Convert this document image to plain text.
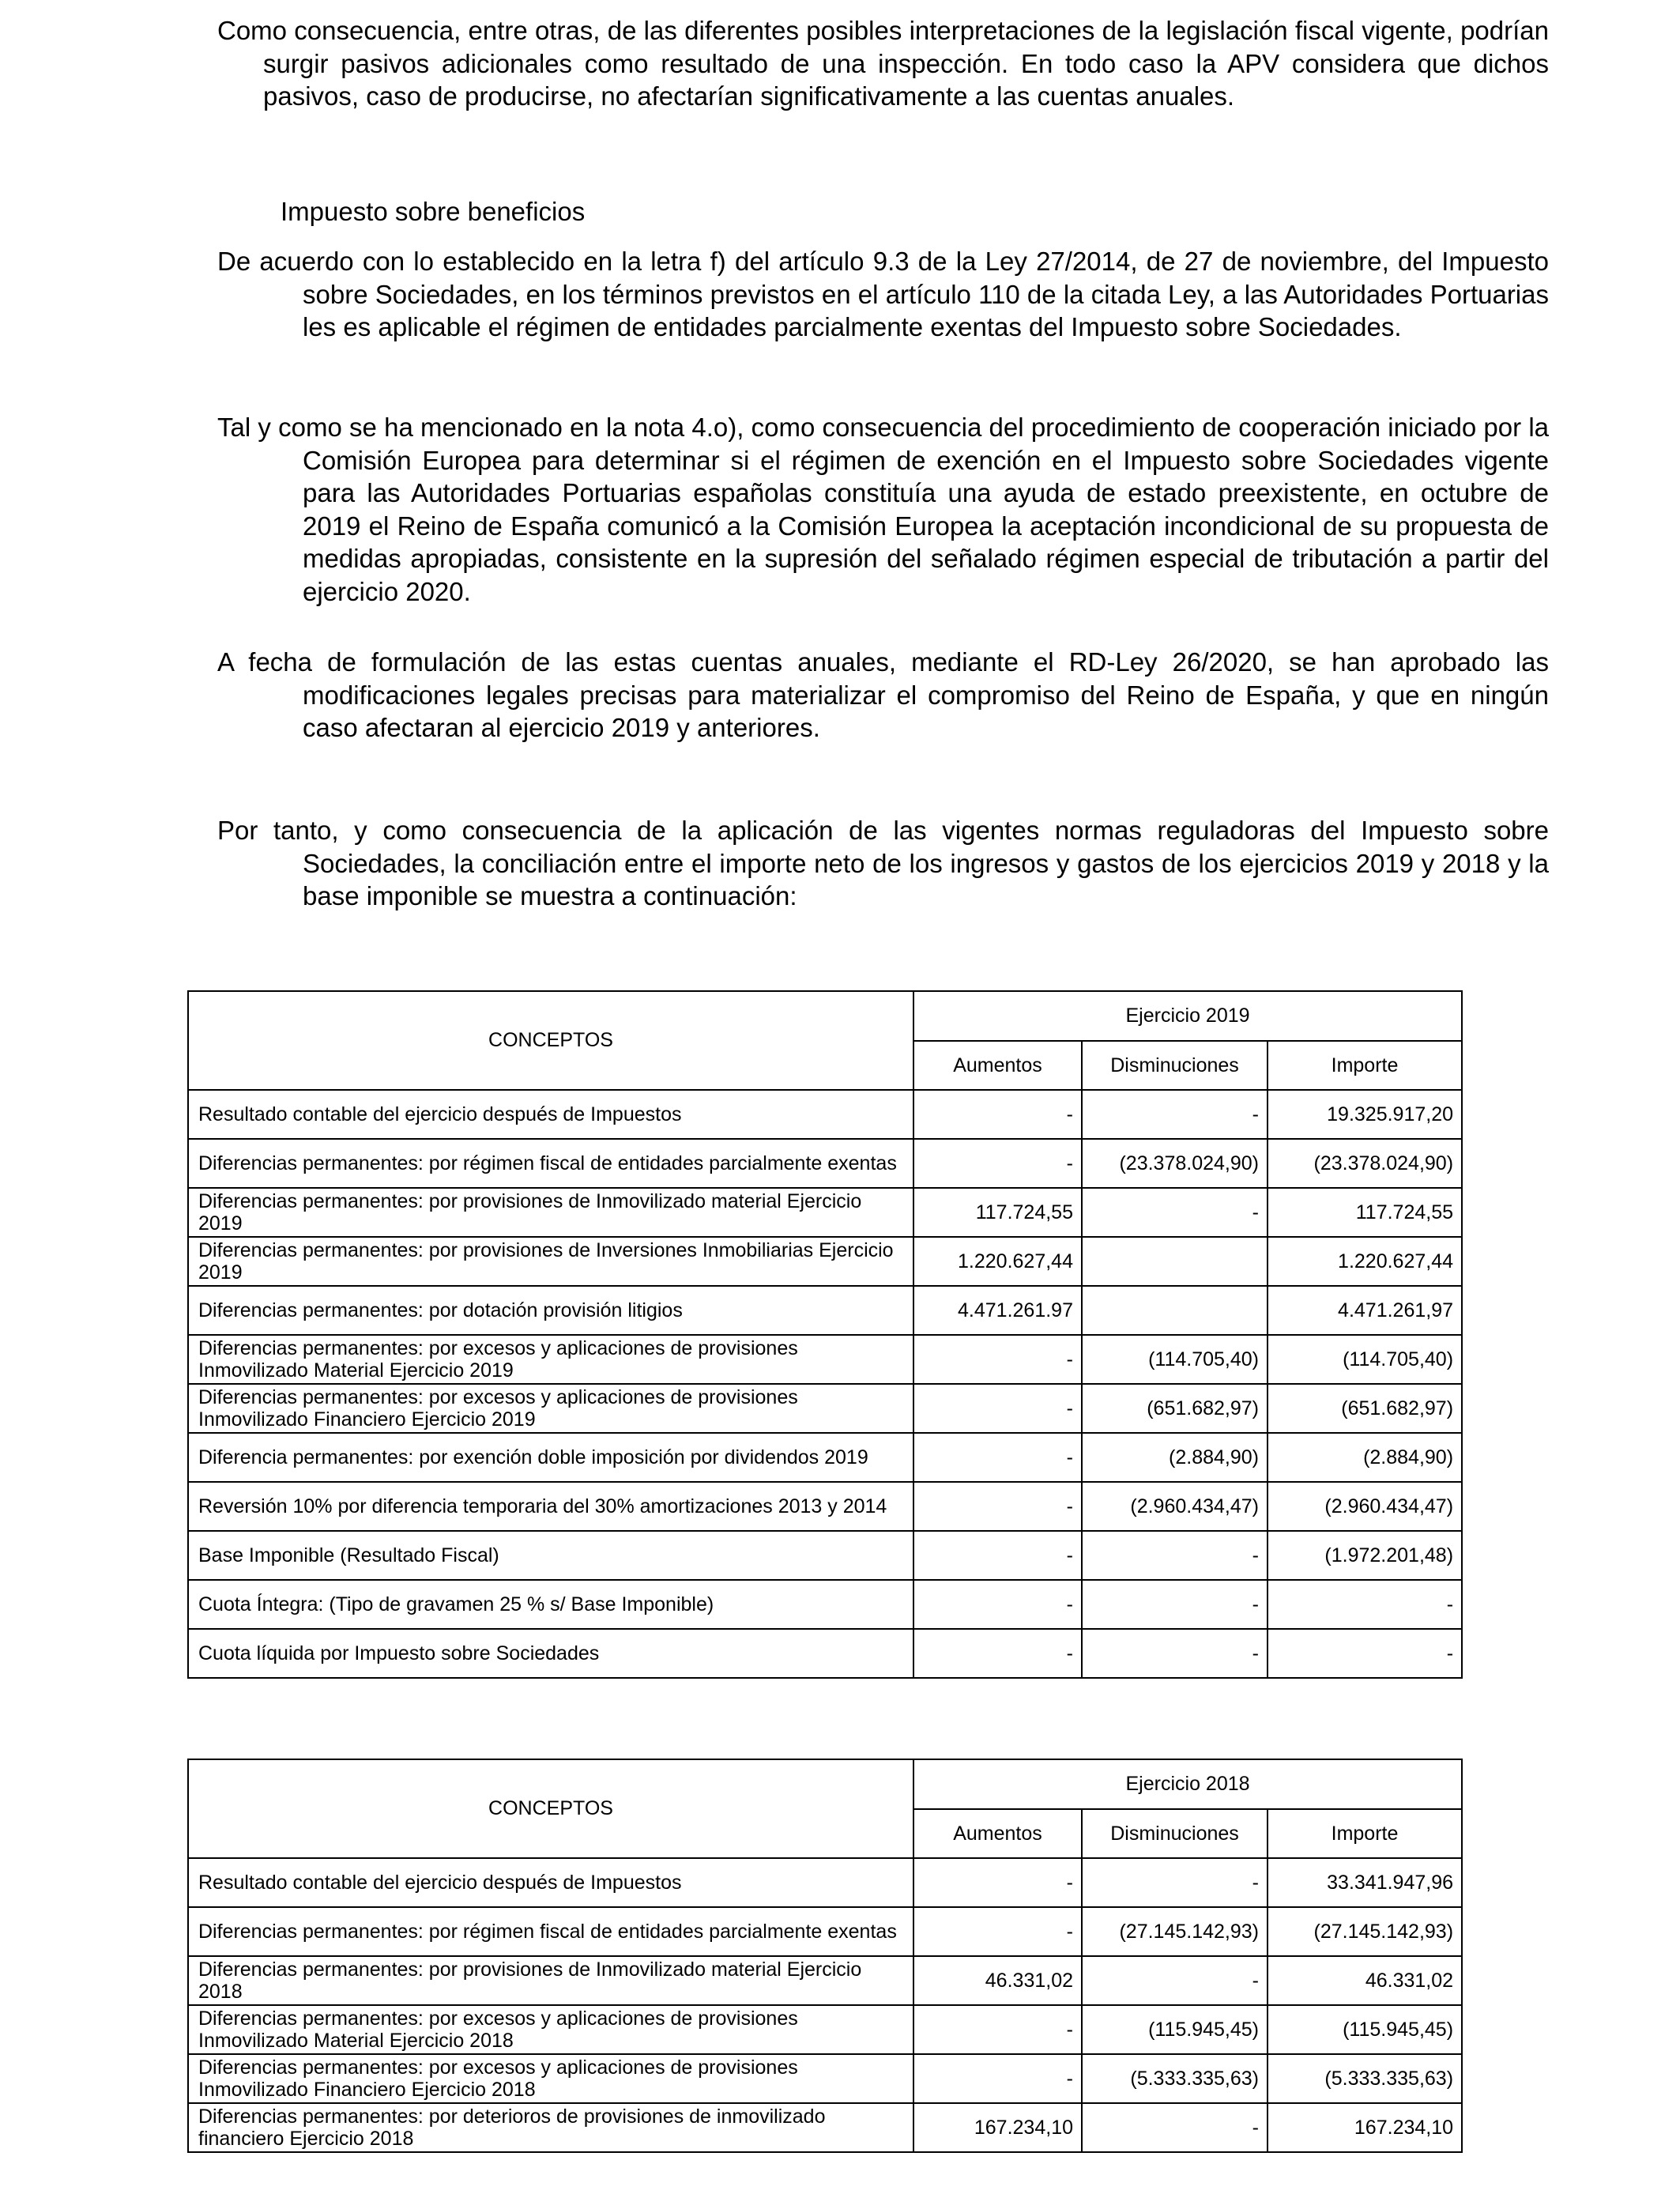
Como consecuencia, entre otras, de las diferentes posibles interpretaciones de la legislación fiscal vigente, podrían surgir pasivos adicionales como resultado de una inspección. En todo caso la APV considera que dichos pasivos, caso de producirse, no afectarían significativamente a las cuentas anuales.

Impuesto sobre beneficios

De acuerdo con lo establecido en la letra f) del artículo 9.3 de la Ley 27/2014, de 27 de noviembre, del Impuesto sobre Sociedades, en los términos previstos en el artículo 110 de la citada Ley, a las Autoridades Portuarias les es aplicable el régimen de entidades parcialmente exentas del Impuesto sobre Sociedades.

Tal y como se ha mencionado en la nota 4.o), como consecuencia del procedimiento de cooperación iniciado por la Comisión Europea para determinar si el régimen de exención en el Impuesto sobre Sociedades vigente para las Autoridades Portuarias españolas constituía una ayuda de estado preexistente, en octubre de 2019 el Reino de España comunicó a la Comisión Europea la aceptación incondicional de su propuesta de medidas apropiadas, consistente en la supresión del señalado régimen especial de tributación a partir del ejercicio 2020.

A fecha de formulación de las estas cuentas anuales, mediante el RD-Ley 26/2020, se han aprobado las modificaciones legales precisas para materializar el compromiso del Reino de España, y que en ningún caso afectaran al ejercicio 2019 y anteriores.

Por tanto, y como consecuencia de la aplicación de las vigentes normas reguladoras del Impuesto sobre Sociedades, la conciliación entre el importe neto de los ingresos y gastos de los ejercicios 2019 y 2018 y la base imponible se muestra a continuación:

CONCEPTOS	Ejercicio 2019		
	Aumentos	Disminuciones	Importe
Resultado contable del ejercicio después de Impuestos	-	-	19.325.917,20
Diferencias permanentes: por régimen fiscal de entidades parcialmente exentas	-	(23.378.024,90)	(23.378.024,90)
Diferencias permanentes: por provisiones de Inmovilizado material Ejercicio 2019	117.724,55	-	117.724,55
Diferencias permanentes: por provisiones de Inversiones Inmobiliarias Ejercicio 2019	1.220.627,44		1.220.627,44
Diferencias permanentes: por dotación provisión litigios	4.471.261.97		4.471.261,97
Diferencias permanentes: por excesos y aplicaciones de provisiones Inmovilizado Material Ejercicio 2019	-	(114.705,40)	(114.705,40)
Diferencias permanentes: por excesos y aplicaciones de provisiones Inmovilizado Financiero Ejercicio 2019	-	(651.682,97)	(651.682,97)
Diferencia permanentes: por exención doble imposición por dividendos 2019	-	(2.884,90)	(2.884,90)
Reversión 10% por diferencia temporaria del 30% amortizaciones 2013 y 2014	-	(2.960.434,47)	(2.960.434,47)
Base Imponible (Resultado Fiscal)	-	-	(1.972.201,48)
Cuota Íntegra: (Tipo de gravamen 25 % s/ Base Imponible)	-	-	-
Cuota líquida por Impuesto sobre Sociedades	-	-	-
CONCEPTOS	Ejercicio 2018		
	Aumentos	Disminuciones	Importe
Resultado contable del ejercicio después de Impuestos	-	-	33.341.947,96
Diferencias permanentes: por régimen fiscal de entidades parcialmente exentas	-	(27.145.142,93)	(27.145.142,93)
Diferencias permanentes: por provisiones de Inmovilizado material Ejercicio 2018	46.331,02	-	46.331,02
Diferencias permanentes: por excesos y aplicaciones de provisiones Inmovilizado Material Ejercicio 2018	-	(115.945,45)	(115.945,45)
Diferencias permanentes: por excesos y aplicaciones de provisiones Inmovilizado Financiero Ejercicio 2018	-	(5.333.335,63)	(5.333.335,63)
Diferencias permanentes: por deterioros de provisiones de inmovilizado financiero Ejercicio 2018	167.234,10	-	167.234,10
